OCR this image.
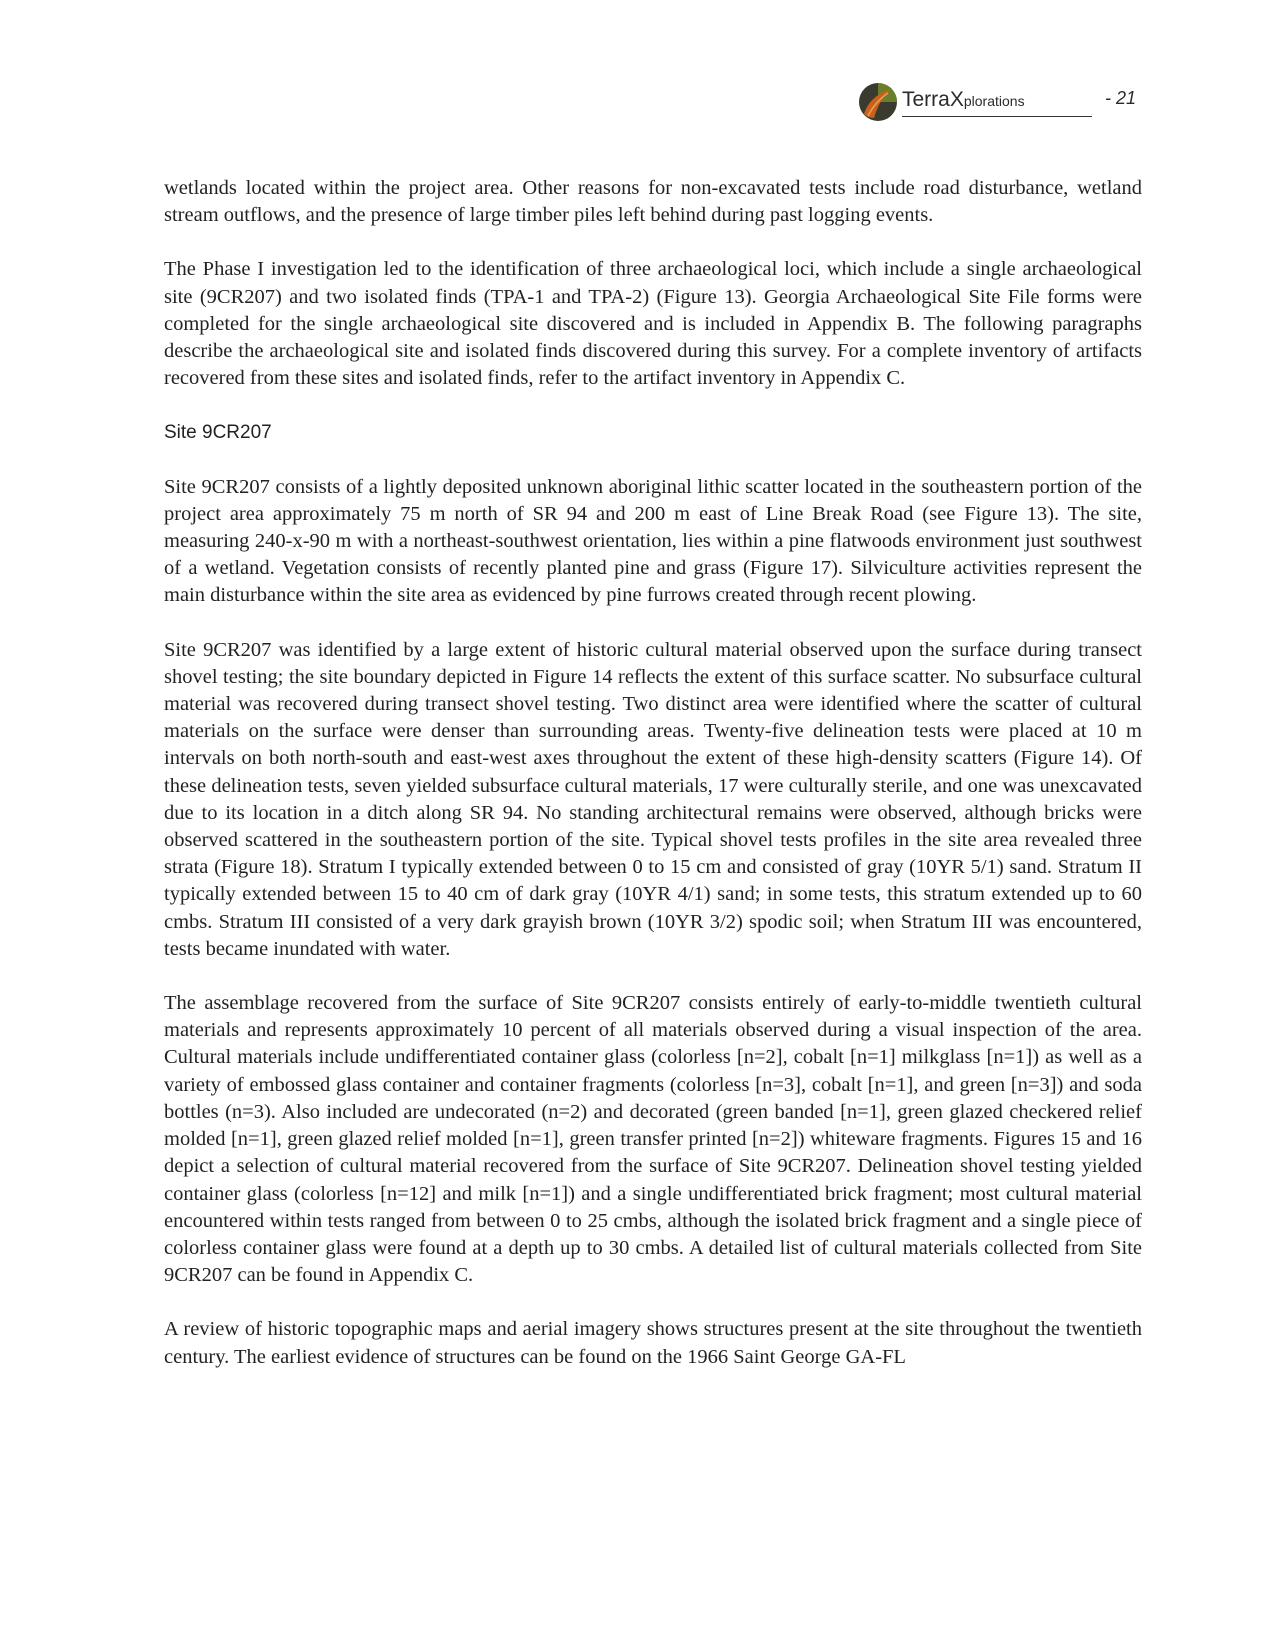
TerraXplorations	- 21

wetlands located within the project area. Other reasons for non-excavated tests include road disturbance, wetland stream outflows, and the presence of large timber piles left behind during past logging events.

The Phase I investigation led to the identification of three archaeological loci, which include a single archaeological site (9CR207) and two isolated finds (TPA-1 and TPA-2) (Figure 13). Georgia Archaeological Site File forms were completed for the single archaeological site discovered and is included in Appendix B. The following paragraphs describe the archaeological site and isolated finds discovered during this survey. For a complete inventory of artifacts recovered from these sites and isolated finds, refer to the artifact inventory in Appendix C.

Site 9CR207

Site 9CR207 consists of a lightly deposited unknown aboriginal lithic scatter located in the southeastern portion of the project area approximately 75 m north of SR 94 and 200 m east of Line Break Road (see Figure 13). The site, measuring 240-x-90 m with a northeast-southwest orientation, lies within a pine flatwoods environment just southwest of a wetland. Vegetation consists of recently planted pine and grass (Figure 17). Silviculture activities represent the main disturbance within the site area as evidenced by pine furrows created through recent plowing.

Site 9CR207 was identified by a large extent of historic cultural material observed upon the surface during transect shovel testing; the site boundary depicted in Figure 14 reflects the extent of this surface scatter. No subsurface cultural material was recovered during transect shovel testing. Two distinct area were identified where the scatter of cultural materials on the surface were denser than surrounding areas. Twenty-five delineation tests were placed at 10 m intervals on both north-south and east-west axes throughout the extent of these high-density scatters (Figure 14). Of these delineation tests, seven yielded subsurface cultural materials, 17 were culturally sterile, and one was unexcavated due to its location in a ditch along SR 94. No standing architectural remains were observed, although bricks were observed scattered in the southeastern portion of the site. Typical shovel tests profiles in the site area revealed three strata (Figure 18). Stratum I typically extended between 0 to 15 cm and consisted of gray (10YR 5/1) sand. Stratum II typically extended between 15 to 40 cm of dark gray (10YR 4/1) sand; in some tests, this stratum extended up to 60 cmbs. Stratum III consisted of a very dark grayish brown (10YR 3/2) spodic soil; when Stratum III was encountered, tests became inundated with water.

The assemblage recovered from the surface of Site 9CR207 consists entirely of early-to-middle twentieth cultural materials and represents approximately 10 percent of all materials observed during a visual inspection of the area. Cultural materials include undifferentiated container glass (colorless [n=2], cobalt [n=1] milkglass [n=1]) as well as a variety of embossed glass container and container fragments (colorless [n=3], cobalt [n=1], and green [n=3]) and soda bottles (n=3). Also included are undecorated (n=2) and decorated (green banded [n=1], green glazed checkered relief molded [n=1], green glazed relief molded [n=1], green transfer printed [n=2]) whiteware fragments. Figures 15 and 16 depict a selection of cultural material recovered from the surface of Site 9CR207. Delineation shovel testing yielded container glass (colorless [n=12] and milk [n=1]) and a single undifferentiated brick fragment; most cultural material encountered within tests ranged from between 0 to 25 cmbs, although the isolated brick fragment and a single piece of colorless container glass were found at a depth up to 30 cmbs. A detailed list of cultural materials collected from Site 9CR207 can be found in Appendix C.

A review of historic topographic maps and aerial imagery shows structures present at the site throughout the twentieth century. The earliest evidence of structures can be found on the 1966 Saint George GA-FL
